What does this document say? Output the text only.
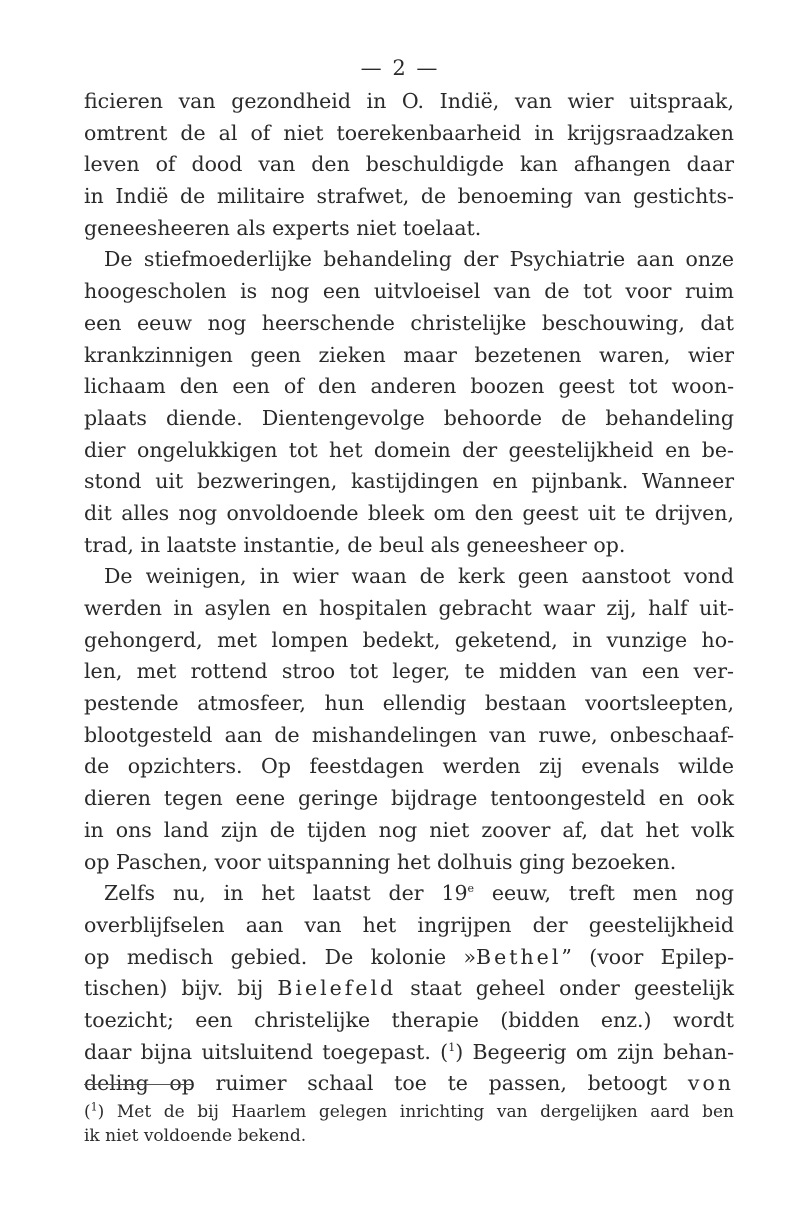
— 2 —
ficieren van gezondheid in O. Indië, van wier uitspraak,
omtrent de al of niet toerekenbaarheid in krijgsraadzaken
leven of dood van den beschuldigde kan afhangen daar
in Indië de militaire strafwet, de benoeming van gestichts-
geneesheeren als experts niet toelaat.
De stiefmoederlijke behandeling der Psychiatrie aan onze
hoogescholen is nog een uitvloeisel van de tot voor ruim
een eeuw nog heerschende christelijke beschouwing, dat
krankzinnigen geen zieken maar bezetenen waren, wier
lichaam den een of den anderen boozen geest tot woon-
plaats diende. Dientengevolge behoorde de behandeling
dier ongelukkigen tot het domein der geestelijkheid en be-
stond uit bezweringen, kastijdingen en pijnbank. Wanneer
dit alles nog onvoldoende bleek om den geest uit te drijven,
trad, in laatste instantie, de beul als geneesheer op.
De weinigen, in wier waan de kerk geen aanstoot vond
werden in asylen en hospitalen gebracht waar zij, half uit-
gehongerd, met lompen bedekt, geketend, in vunzige ho-
len, met rottend stroo tot leger, te midden van een ver-
pestende atmosfeer, hun ellendig bestaan voortsleepten,
blootgesteld aan de mishandelingen van ruwe, onbeschaaf-
de opzichters. Op feestdagen werden zij evenals wilde
dieren tegen eene geringe bijdrage tentoongesteld en ook
in ons land zijn de tijden nog niet zoover af, dat het volk
op Paschen, voor uitspanning het dolhuis ging bezoeken.
Zelfs nu, in het laatst der 19e eeuw, treft men nog
overblijfselen aan van het ingrijpen der geestelijkheid
op medisch gebied. De kolonie »Bethel” (voor Epilep-
tischen) bijv. bij Bielefeld staat geheel onder geestelijk
toezicht; een christelijke therapie (bidden enz.) wordt
daar bijna uitsluitend toegepast. ($^1$) Begeerig om zijn behan-
deling op ruimer schaal toe te passen, betoogt von
($^1$) Met de bij Haarlem gelegen inrichting van dergelijken aard ben
ik niet voldoende bekend.
